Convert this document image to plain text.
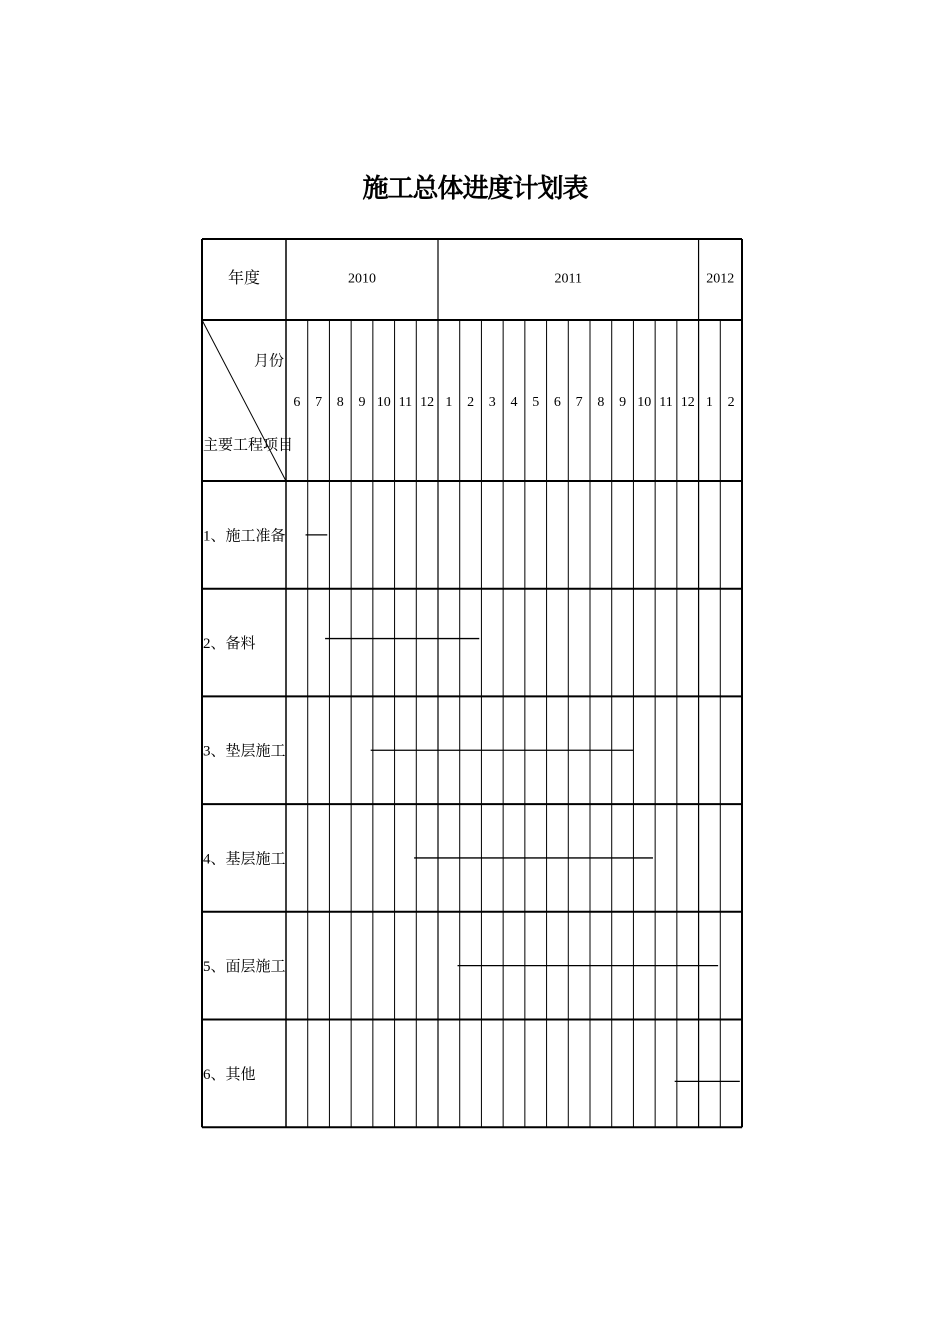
施工总体进度计划表
2010	2011	2012
6 7 8 9 10 11 12 1 2 3 4 5 6 7 8 9 10 11 12 1 2
年度
月份
主要工程项目
1、施工准备
2、备料
3、垫层施工
4、基层施工
5、面层施工
6、其他
